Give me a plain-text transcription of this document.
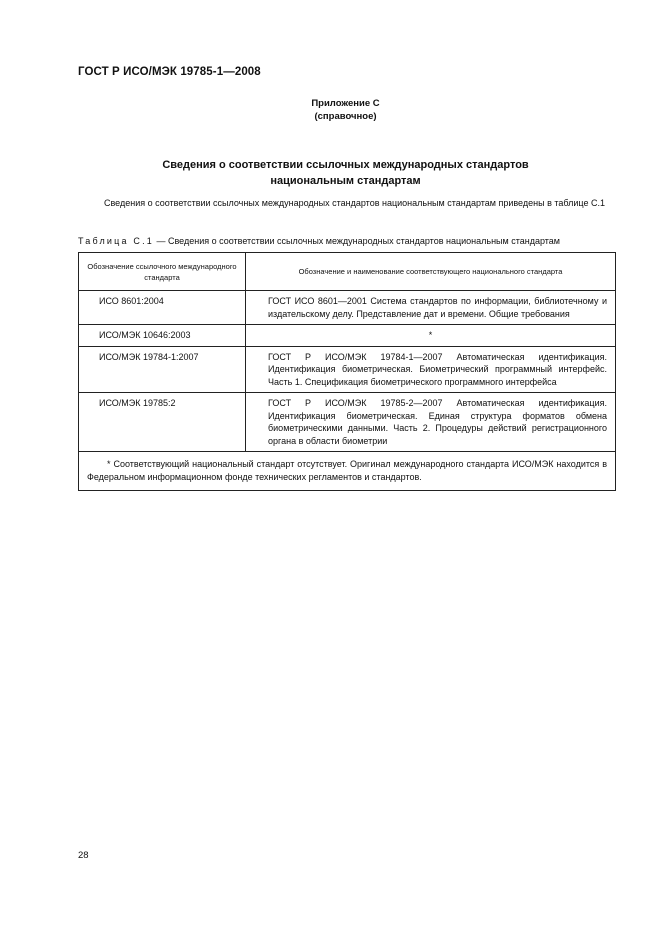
ГОСТ Р ИСО/МЭК 19785-1—2008
Приложение С
(справочное)
Сведения о соответствии ссылочных международных стандартов
национальным стандартам
Сведения о соответствии ссылочных международных стандартов национальным стандартам приведены в таблице С.1
Таблица С.1 — Сведения о соответствии ссылочных международных стандартов национальным стандартам
Обозначение ссылочного международного стандарта	Обозначение и наименование соответствующего национального стандарта
ИСО 8601:2004	ГОСТ ИСО 8601—2001 Система стандартов по информации, библиотечному и издательскому делу. Представление дат и времени. Общие требования
ИСО/МЭК 10646:2003	*
ИСО/МЭК 19784-1:2007	ГОСТ Р ИСО/МЭК 19784-1—2007 Автоматическая идентификация. Идентификация биометрическая. Биометрический программный интерфейс. Часть 1. Спецификация биометрического программного интерфейса
ИСО/МЭК 19785:2	ГОСТ Р ИСО/МЭК 19785-2—2007 Автоматическая идентификация. Идентификация биометрическая. Единая структура форматов обмена биометрическими данными. Часть 2. Процедуры действий регистрационного органа в области биометрии
* Соответствующий национальный стандарт отсутствует. Оригинал международного стандарта ИСО/МЭК находится в Федеральном информационном фонде технических регламентов и стандартов.	
28
